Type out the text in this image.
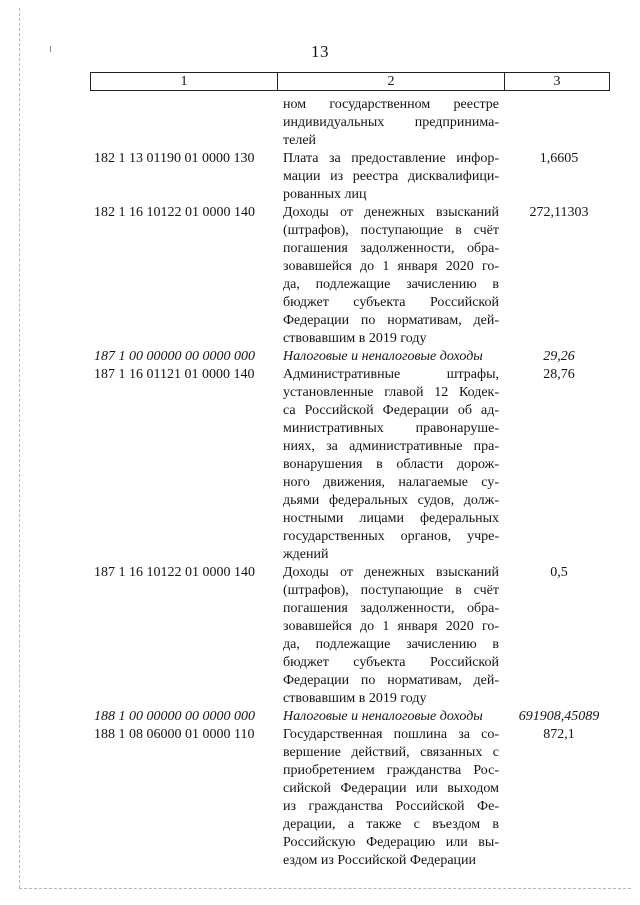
13
1	2	3
ном государственном реестре
индивидуальных предпринима-
телей
182 1 13 01190 01 0000 130	Плата за предоставление инфор-
мации из реестра дисквалифици-
рованных лиц
1,6605
182 1 16 10122 01 0000 140	Доходы от денежных взысканий
(штрафов), поступающие в счёт
погашения задолженности, обра-
зовавшейся до 1 января 2020 го-
да, подлежащие зачислению в
бюджет субъекта Российской
Федерации по нормативам, дей-
ствовавшим в 2019 году
272,11303
187 1 00 00000 00 0000 000	Налоговые и неналоговые доходы	29,26
187 1 16 01121 01 0000 140	Административные штрафы,
установленные главой 12 Кодек-
са Российской Федерации об ад-
министративных правонаруше-
ниях, за административные пра-
вонарушения в области дорож-
ного движения, налагаемые су-
дьями федеральных судов, долж-
ностными лицами федеральных
государственных органов, учре-
ждений
28,76
187 1 16 10122 01 0000 140	Доходы от денежных взысканий
(штрафов), поступающие в счёт
погашения задолженности, обра-
зовавшейся до 1 января 2020 го-
да, подлежащие зачислению в
бюджет субъекта Российской
Федерации по нормативам, дей-
ствовавшим в 2019 году
0,5
188 1 00 00000 00 0000 000	Налоговые и неналоговые доходы	691908,45089
188 1 08 06000 01 0000 110	Государственная пошлина за со-
вершение действий, связанных с
приобретением гражданства Рос-
сийской Федерации или выходом
из гражданства Российской Фе-
дерации, а также с въездом в
Российскую Федерацию или вы-
ездом из Российской Федерации
872,1
